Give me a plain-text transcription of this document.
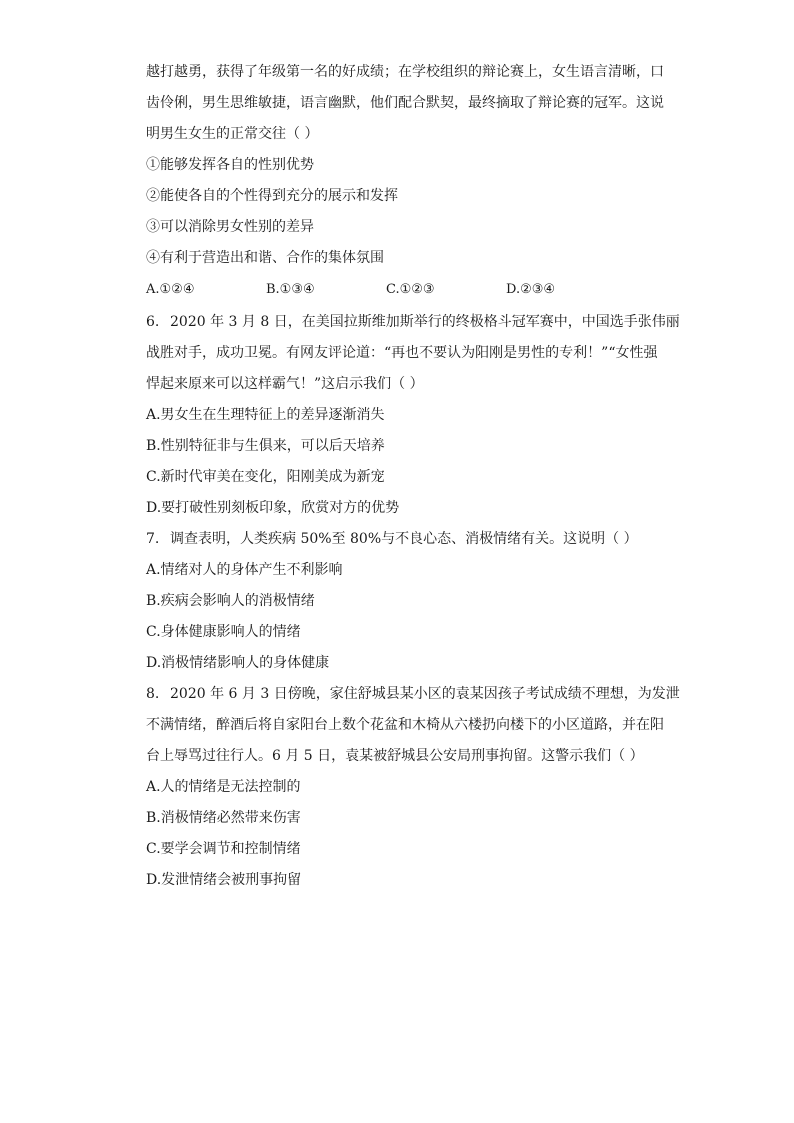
越打越勇，获得了年级第一名的好成绩；在学校组织的辩论赛上，女生语言清晰，口

齿伶俐，男生思维敏捷，语言幽默，他们配合默契，最终摘取了辩论赛的冠军。这说

明男生女生的正常交往（ ）

①能够发挥各自的性别优势

②能使各自的个性得到充分的展示和发挥

③可以消除男女性别的差异

④有利于营造出和谐、合作的集体氛围

A.①②④	B.①③④	C.①②③	D.②③④

6. 2020 年 3 月 8 日，在美国拉斯维加斯举行的终极格斗冠军赛中，中国选手张伟丽

战胜对手，成功卫冕。有网友评论道：“再也不要认为阳刚是男性的专利！”“女性强

悍起来原来可以这样霸气！”这启示我们（ ）

A.男女生在生理特征上的差异逐渐消失

B.性别特征非与生俱来，可以后天培养

C.新时代审美在变化，阳刚美成为新宠

D.要打破性别刻板印象，欣赏对方的优势

7. 调查表明，人类疾病 50%至 80%与不良心态、消极情绪有关。这说明（ ）

A.情绪对人的身体产生不利影响

B.疾病会影响人的消极情绪

C.身体健康影响人的情绪

D.消极情绪影响人的身体健康

8. 2020 年 6 月 3 日傍晚，家住舒城县某小区的袁某因孩子考试成绩不理想，为发泄

不满情绪，醉酒后将自家阳台上数个花盆和木椅从六楼扔向楼下的小区道路，并在阳

台上辱骂过往行人。6 月 5 日，袁某被舒城县公安局刑事拘留。这警示我们（ ）

A.人的情绪是无法控制的

B.消极情绪必然带来伤害

C.要学会调节和控制情绪

D.发泄情绪会被刑事拘留
